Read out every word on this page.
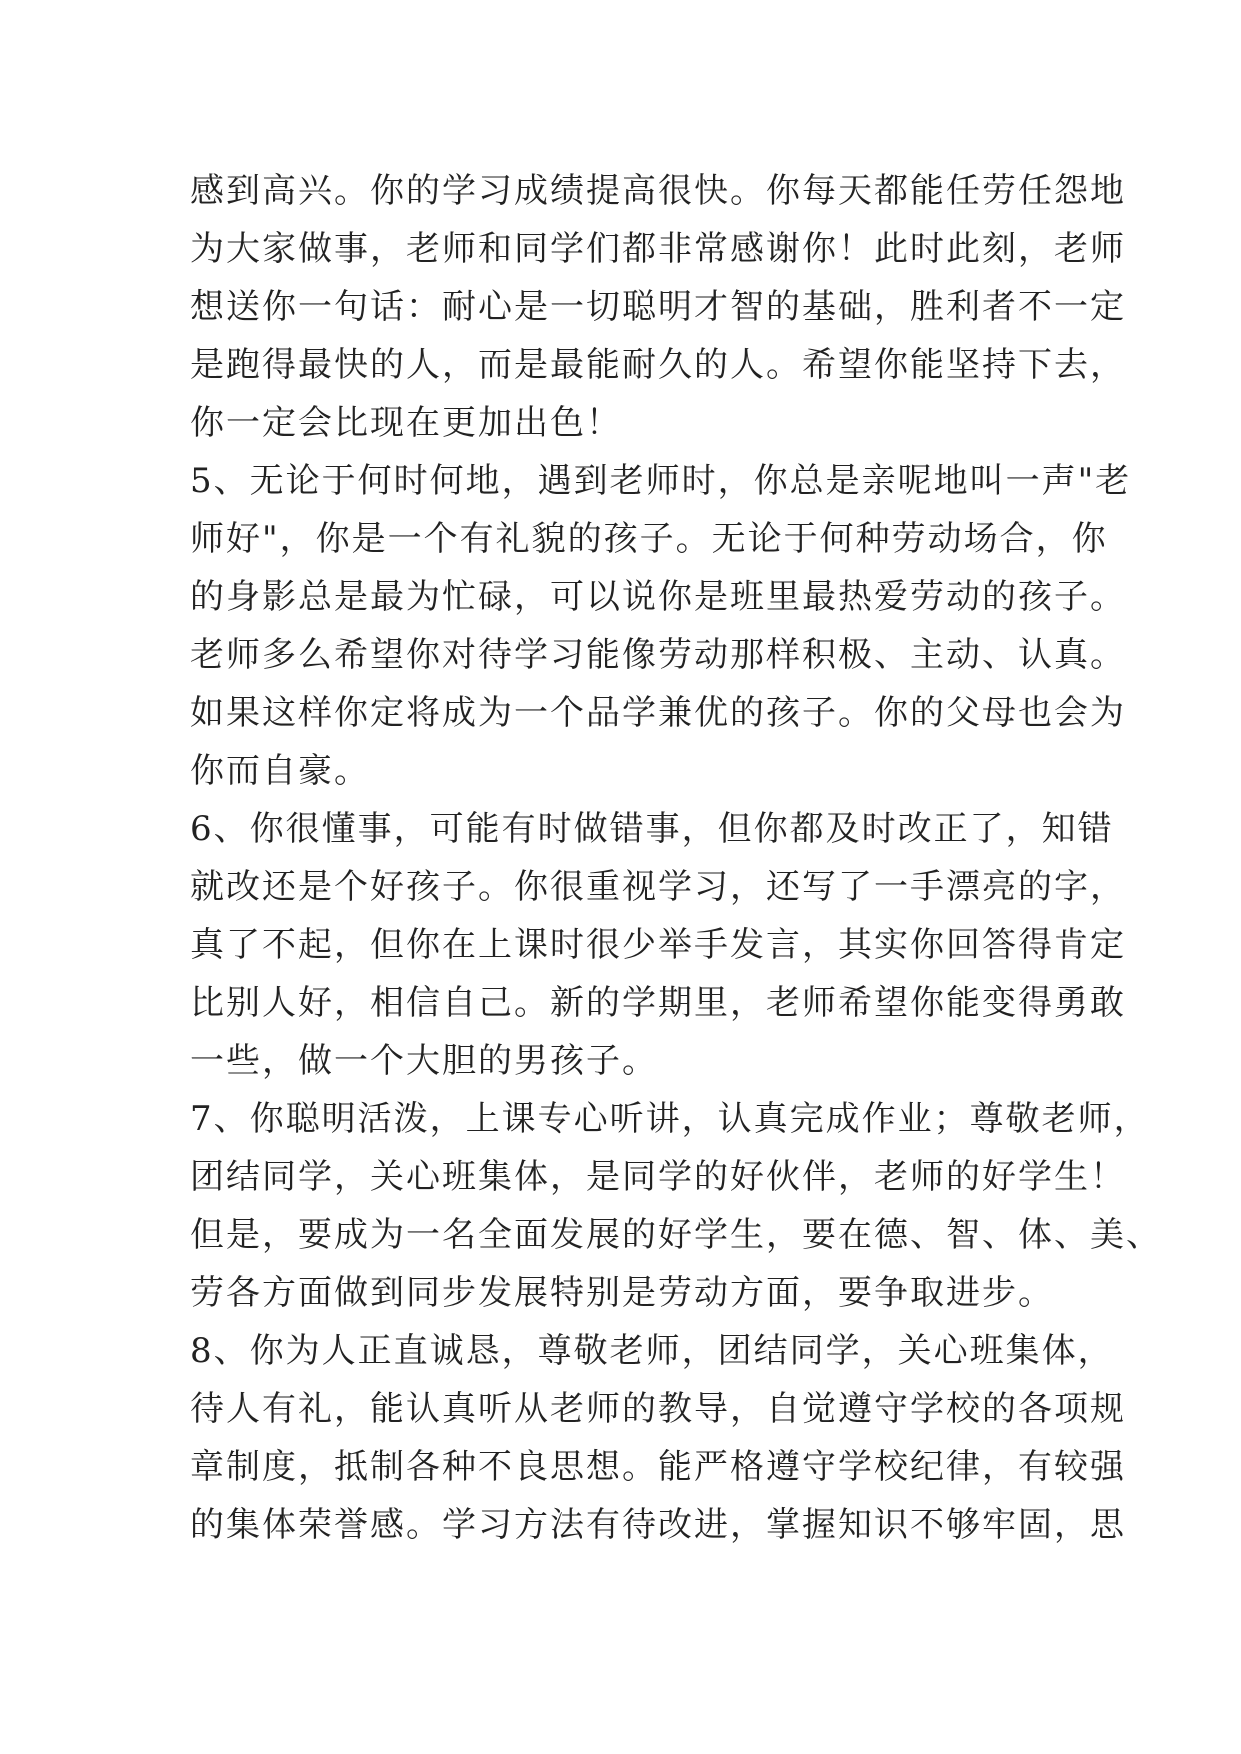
感到高兴。你的学习成绩提高很快。你每天都能任劳任怨地
为大家做事，老师和同学们都非常感谢你！此时此刻，老师
想送你一句话：耐心是一切聪明才智的基础，胜利者不一定
是跑得最快的人，而是最能耐久的人。希望你能坚持下去，
你一定会比现在更加出色！
5、无论于何时何地，遇到老师时，你总是亲呢地叫一声"老
师好"，你是一个有礼貌的孩子。无论于何种劳动场合，你
的身影总是最为忙碌，可以说你是班里最热爱劳动的孩子。
老师多么希望你对待学习能像劳动那样积极、主动、认真。
如果这样你定将成为一个品学兼优的孩子。你的父母也会为
你而自豪。
6、你很懂事，可能有时做错事，但你都及时改正了，知错
就改还是个好孩子。你很重视学习，还写了一手漂亮的字，
真了不起，但你在上课时很少举手发言，其实你回答得肯定
比别人好，相信自己。新的学期里，老师希望你能变得勇敢
一些，做一个大胆的男孩子。
7、你聪明活泼，上课专心听讲，认真完成作业；尊敬老师，
团结同学，关心班集体，是同学的好伙伴，老师的好学生！
但是，要成为一名全面发展的好学生，要在德、智、体、美、
劳各方面做到同步发展特别是劳动方面，要争取进步。
8、你为人正直诚恳，尊敬老师，团结同学，关心班集体，
待人有礼，能认真听从老师的教导，自觉遵守学校的各项规
章制度，抵制各种不良思想。能严格遵守学校纪律，有较强
的集体荣誉感。学习方法有待改进，掌握知识不够牢固，思
